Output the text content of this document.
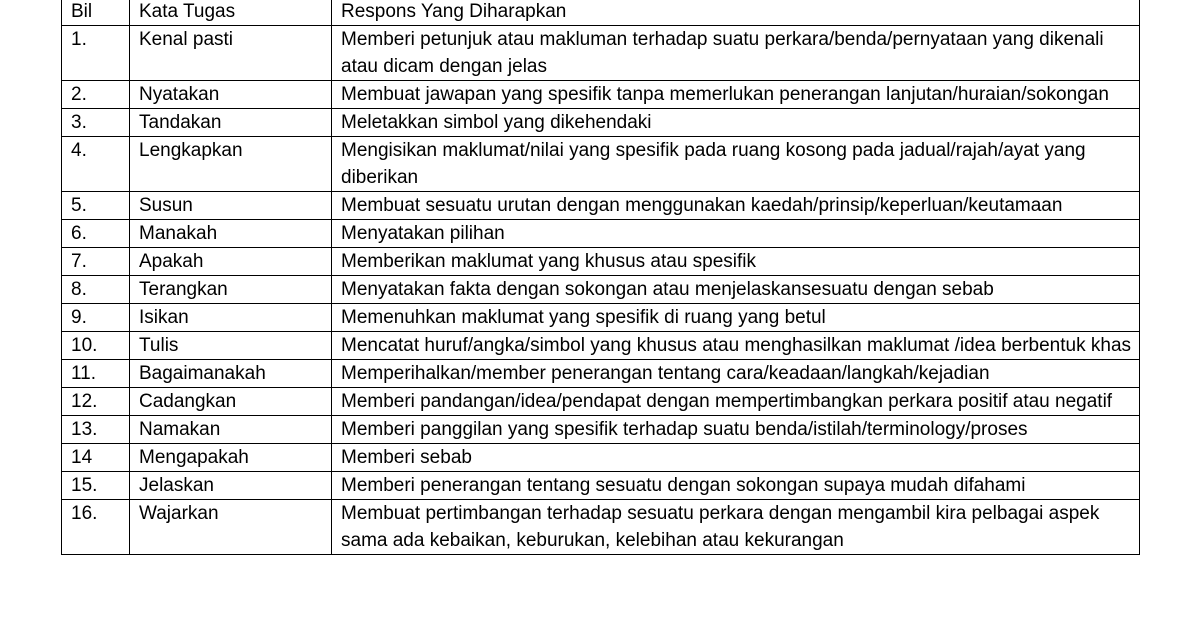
Bil	Kata Tugas	Respons Yang Diharapkan
1.	Kenal pasti	Memberi petunjuk atau makluman terhadap suatu perkara/benda/pernyataan yang dikenali atau dicam dengan jelas
2.	Nyatakan	Membuat jawapan yang spesifik tanpa memerlukan penerangan lanjutan/huraian/sokongan
3.	Tandakan	Meletakkan simbol yang dikehendaki
4.	Lengkapkan	Mengisikan maklumat/nilai yang spesifik pada ruang kosong pada jadual/rajah/ayat yang diberikan
5.	Susun	Membuat sesuatu urutan dengan menggunakan kaedah/prinsip/keperluan/keutamaan
6.	Manakah	Menyatakan pilihan
7.	Apakah	Memberikan maklumat yang khusus atau spesifik
8.	Terangkan	Menyatakan fakta dengan sokongan atau menjelaskansesuatu dengan sebab
9.	Isikan	Memenuhkan maklumat yang spesifik di ruang yang betul
10.	Tulis	Mencatat huruf/angka/simbol yang khusus atau menghasilkan maklumat /idea berbentuk khas
11.	Bagaimanakah	Memperihalkan/member penerangan tentang cara/keadaan/langkah/kejadian
12.	Cadangkan	Memberi pandangan/idea/pendapat dengan mempertimbangkan perkara positif atau negatif
13.	Namakan	Memberi panggilan yang spesifik terhadap suatu benda/istilah/terminology/proses
14	Mengapakah	Memberi sebab
15.	Jelaskan	Memberi penerangan tentang sesuatu dengan sokongan supaya mudah difahami
16.	Wajarkan	Membuat pertimbangan terhadap sesuatu perkara dengan mengambil kira pelbagai aspek sama ada kebaikan, keburukan, kelebihan atau kekurangan
